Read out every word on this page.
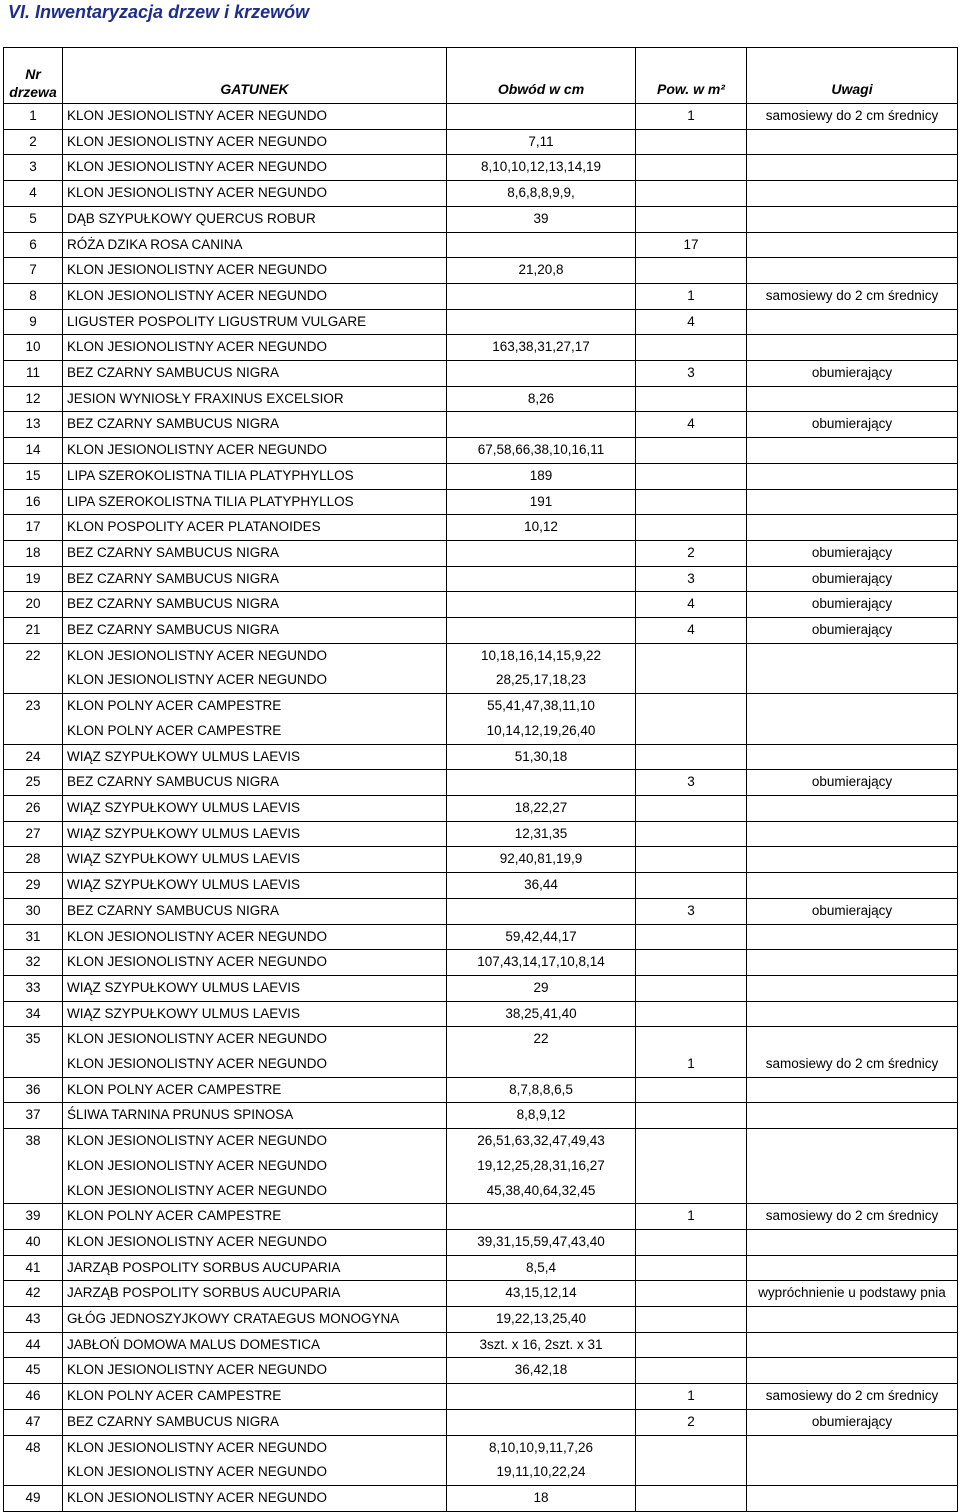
VI. Inwentaryzacja drzew i krzewów
Nr
drzewa	GATUNEK	Obwód w cm	Pow. w m²	Uwagi
1	KLON JESIONOLISTNY ACER NEGUNDO		1	samosiewy do 2 cm średnicy
2	KLON JESIONOLISTNY ACER NEGUNDO	7,11		
3	KLON JESIONOLISTNY ACER NEGUNDO	8,10,10,12,13,14,19		
4	KLON JESIONOLISTNY ACER NEGUNDO	8,6,8,8,9,9,		
5	DĄB SZYPUŁKOWY QUERCUS ROBUR	39		
6	RÓŻA DZIKA ROSA CANINA		17	
7	KLON JESIONOLISTNY ACER NEGUNDO	21,20,8		
8	KLON JESIONOLISTNY ACER NEGUNDO		1	samosiewy do 2 cm średnicy
9	LIGUSTER POSPOLITY LIGUSTRUM VULGARE		4	
10	KLON JESIONOLISTNY ACER NEGUNDO	163,38,31,27,17		
11	BEZ CZARNY SAMBUCUS NIGRA		3	obumierający
12	JESION WYNIOSŁY FRAXINUS EXCELSIOR	8,26		
13	BEZ CZARNY SAMBUCUS NIGRA		4	obumierający
14	KLON JESIONOLISTNY ACER NEGUNDO	67,58,66,38,10,16,11		
15	LIPA SZEROKOLISTNA TILIA PLATYPHYLLOS	189		
16	LIPA SZEROKOLISTNA TILIA PLATYPHYLLOS	191		
17	KLON POSPOLITY ACER PLATANOIDES	10,12		
18	BEZ CZARNY SAMBUCUS NIGRA		2	obumierający
19	BEZ CZARNY SAMBUCUS NIGRA		3	obumierający
20	BEZ CZARNY SAMBUCUS NIGRA		4	obumierający
21	BEZ CZARNY SAMBUCUS NIGRA		4	obumierający
22	KLON JESIONOLISTNY ACER NEGUNDO	10,18,16,14,15,9,22		
	KLON JESIONOLISTNY ACER NEGUNDO	28,25,17,18,23		
23	KLON POLNY ACER CAMPESTRE	55,41,47,38,11,10		
	KLON POLNY ACER CAMPESTRE	10,14,12,19,26,40		
24	WIĄZ SZYPUŁKOWY ULMUS LAEVIS	51,30,18		
25	BEZ CZARNY SAMBUCUS NIGRA		3	obumierający
26	WIĄZ SZYPUŁKOWY ULMUS LAEVIS	18,22,27		
27	WIĄZ SZYPUŁKOWY ULMUS LAEVIS	12,31,35		
28	WIĄZ SZYPUŁKOWY ULMUS LAEVIS	92,40,81,19,9		
29	WIĄZ SZYPUŁKOWY ULMUS LAEVIS	36,44		
30	BEZ CZARNY SAMBUCUS NIGRA		3	obumierający
31	KLON JESIONOLISTNY ACER NEGUNDO	59,42,44,17		
32	KLON JESIONOLISTNY ACER NEGUNDO	107,43,14,17,10,8,14		
33	WIĄZ SZYPUŁKOWY ULMUS LAEVIS	29		
34	WIĄZ SZYPUŁKOWY ULMUS LAEVIS	38,25,41,40		
35	KLON JESIONOLISTNY ACER NEGUNDO	22		
	KLON JESIONOLISTNY ACER NEGUNDO		1	samosiewy do 2 cm średnicy
36	KLON POLNY ACER CAMPESTRE	8,7,8,8,6,5		
37	ŚLIWA TARNINA PRUNUS SPINOSA	8,8,9,12		
38	KLON JESIONOLISTNY ACER NEGUNDO	26,51,63,32,47,49,43		
	KLON JESIONOLISTNY ACER NEGUNDO	19,12,25,28,31,16,27		
	KLON JESIONOLISTNY ACER NEGUNDO	45,38,40,64,32,45		
39	KLON POLNY ACER CAMPESTRE		1	samosiewy do 2 cm średnicy
40	KLON JESIONOLISTNY ACER NEGUNDO	39,31,15,59,47,43,40		
41	JARZĄB POSPOLITY SORBUS AUCUPARIA	8,5,4		
42	JARZĄB POSPOLITY SORBUS AUCUPARIA	43,15,12,14		wypróchnienie u podstawy pnia
43	GŁÓG JEDNOSZYJKOWY CRATAEGUS MONOGYNA	19,22,13,25,40		
44	JABŁOŃ DOMOWA MALUS DOMESTICA	3szt. x 16, 2szt. x 31		
45	KLON JESIONOLISTNY ACER NEGUNDO	36,42,18		
46	KLON POLNY ACER CAMPESTRE		1	samosiewy do 2 cm średnicy
47	BEZ CZARNY SAMBUCUS NIGRA		2	obumierający
48	KLON JESIONOLISTNY ACER NEGUNDO	8,10,10,9,11,7,26		
	KLON JESIONOLISTNY ACER NEGUNDO	19,11,10,22,24		
49	KLON JESIONOLISTNY ACER NEGUNDO	18		
